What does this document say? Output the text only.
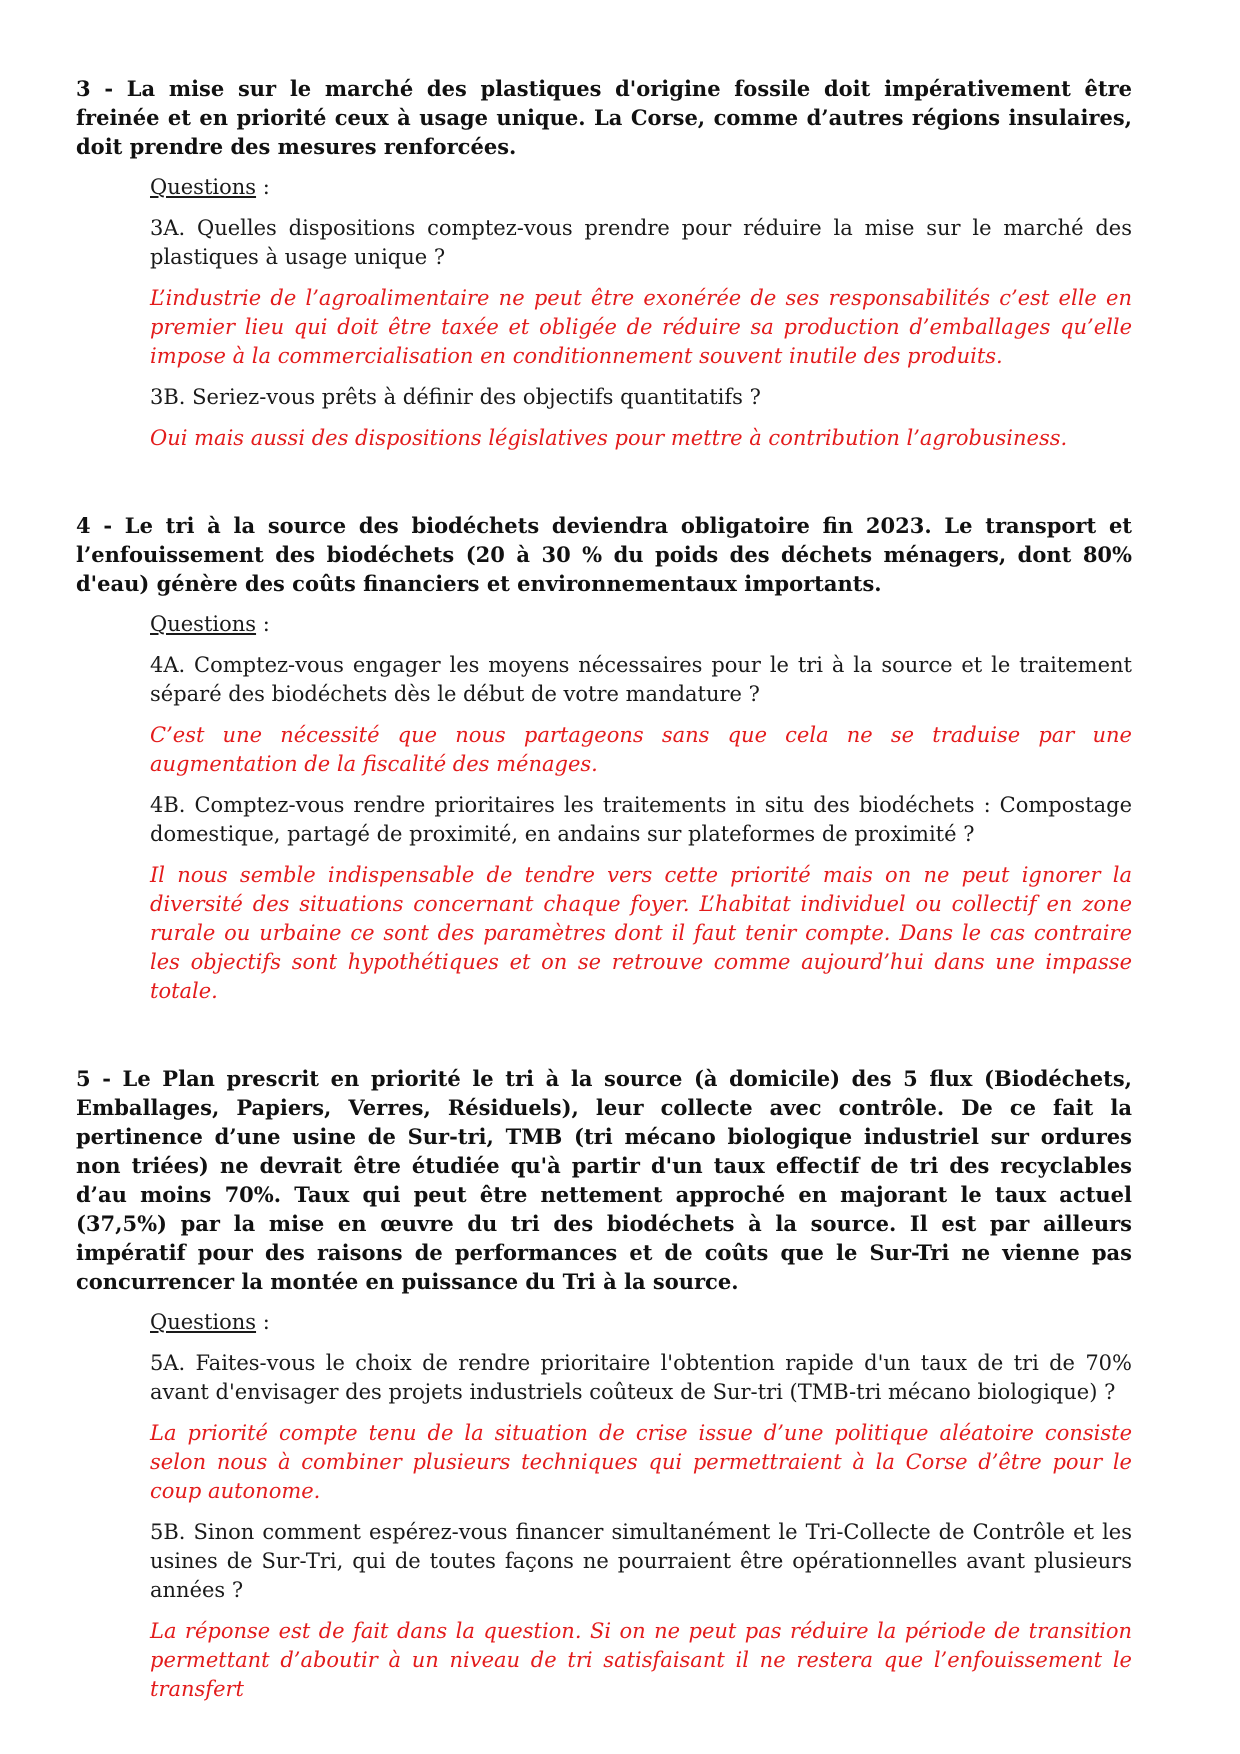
3 - La mise sur le marché des plastiques d'origine fossile doit impérativement être freinée et en priorité ceux à usage unique. La Corse, comme d’autres régions insulaires, doit prendre des mesures renforcées.

Questions :

3A. Quelles dispositions comptez-vous prendre pour réduire la mise sur le marché des plastiques à usage unique ?

L’industrie de l’agroalimentaire ne peut être exonérée de ses responsabilités c’est elle en premier lieu qui doit être taxée et obligée de réduire sa production d’emballages qu’elle impose à la commercialisation en conditionnement souvent inutile des produits.

3B. Seriez-vous prêts à définir des objectifs quantitatifs ?

Oui mais aussi des dispositions législatives pour mettre à contribution l’agrobusiness.

4 - Le tri à la source des biodéchets deviendra obligatoire fin 2023. Le transport et l’enfouissement des biodéchets (20 à 30 % du poids des déchets ménagers, dont 80% d'eau) génère des coûts financiers et environnementaux importants.

Questions :

4A. Comptez-vous engager les moyens nécessaires pour le tri à la source et le traitement séparé des biodéchets dès le début de votre mandature ?

C’est une nécessité que nous partageons sans que cela ne se traduise par une augmentation de la fiscalité des ménages.

4B. Comptez-vous rendre prioritaires les traitements in situ des biodéchets : Compostage domestique, partagé de proximité, en andains sur plateformes de proximité ?

Il nous semble indispensable de tendre vers cette priorité mais on ne peut ignorer la diversité des situations concernant chaque foyer. L’habitat individuel ou collectif en zone rurale ou urbaine ce sont des paramètres dont il faut tenir compte. Dans le cas contraire les objectifs sont hypothétiques et on se retrouve comme aujourd’hui dans une impasse totale.

5 - Le Plan prescrit en priorité le tri à la source (à domicile) des 5 flux (Biodéchets, Emballages, Papiers, Verres, Résiduels), leur collecte avec contrôle. De ce fait la pertinence d’une usine de Sur-tri, TMB (tri mécano biologique industriel sur ordures non triées) ne devrait être étudiée qu'à partir d'un taux effectif de tri des recyclables d’au moins 70%. Taux qui peut être nettement approché en majorant le taux actuel (37,5%) par la mise en œuvre du tri des biodéchets à la source. Il est par ailleurs impératif pour des raisons de performances et de coûts que le Sur-Tri ne vienne pas concurrencer la montée en puissance du Tri à la source.

Questions :

5A. Faites-vous le choix de rendre prioritaire l'obtention rapide d'un taux de tri de 70% avant d'envisager des projets industriels coûteux de Sur-tri (TMB-tri mécano biologique) ?

La priorité compte tenu de la situation de crise issue d’une politique aléatoire consiste selon nous à combiner plusieurs techniques qui permettraient à la Corse d’être pour le coup autonome.

5B. Sinon comment espérez-vous financer simultanément le Tri-Collecte de Contrôle et les usines de Sur-Tri, qui de toutes façons ne pourraient être opérationnelles avant plusieurs années ?

La réponse est de fait dans la question. Si on ne peut pas réduire la période de transition permettant d’aboutir à un niveau de tri satisfaisant il ne restera que l’enfouissement le transfert
